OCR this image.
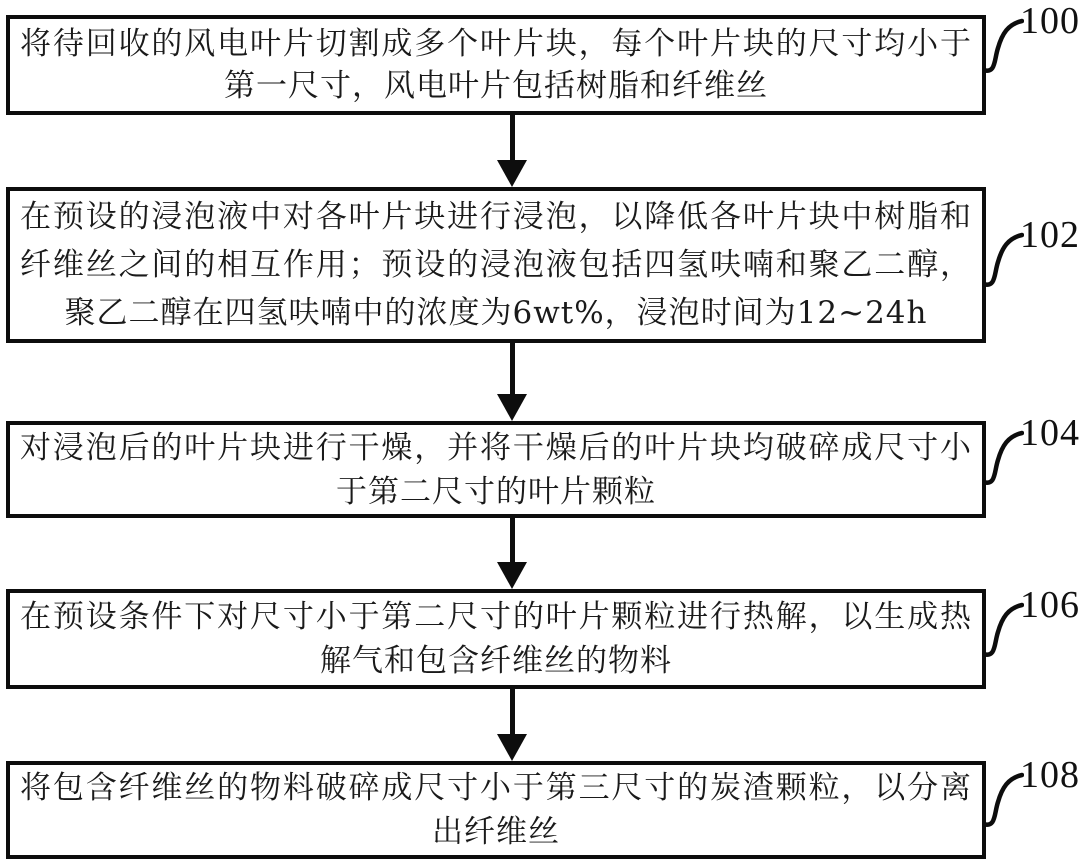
将待回收的风电叶片切割成多个叶片块，每个叶片块的尺寸均小于第一尺寸，风电叶片包括树脂和纤维丝
100
在预设的浸泡液中对各叶片块进行浸泡，以降低各叶片块中树脂和纤维丝之间的相互作用；预设的浸泡液包括四氢呋喃和聚乙二醇，聚乙二醇在四氢呋喃中的浓度为6wt%，浸泡时间为12~24h
102
对浸泡后的叶片块进行干燥，并将干燥后的叶片块均破碎成尺寸小于第二尺寸的叶片颗粒
104
在预设条件下对尺寸小于第二尺寸的叶片颗粒进行热解，以生成热解气和包含纤维丝的物料
106
将包含纤维丝的物料破碎成尺寸小于第三尺寸的炭渣颗粒，以分离出纤维丝
108
